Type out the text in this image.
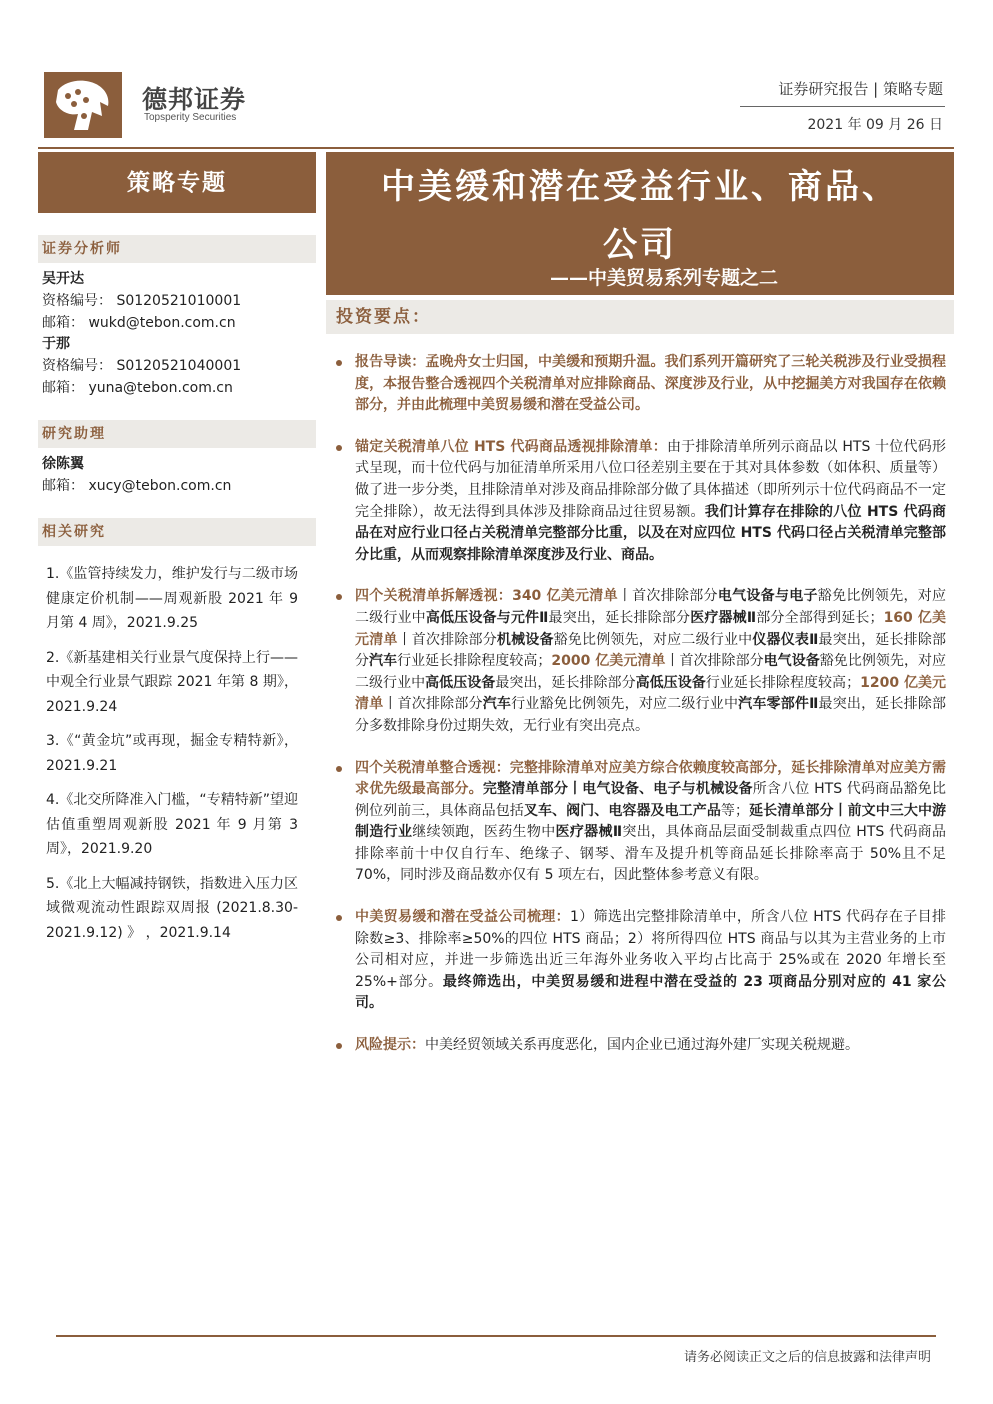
德邦证券
Topsperity Securities
证券研究报告 | 策略专题
2021 年 09 月 26 日
策略专题
证券分析师
吴开达
资格编号： S0120521010001
邮箱： wukd@tebon.com.cn
于那
资格编号： S0120521040001
邮箱： yuna@tebon.com.cn
研究助理
徐陈翼
邮箱： xucy@tebon.com.cn
相关研究

1.《监管持续发力，维护发行与二级市场健康定价机制——周观新股 2021 年 9 月第 4 周》，2021.9.25

2.《新基建相关行业景气度保持上行——中观全行业景气跟踪 2021 年第 8 期》，2021.9.24

3.《“黄金坑”或再现，掘金专精特新》，2021.9.21

4.《北交所降准入门槛，“专精特新”望迎估值重塑周观新股 2021 年 9 月第 3 周》，2021.9.20

5.《北上大幅减持钢铁，指数进入压力区域微观流动性跟踪双周报 (2021.8.30-2021.9.12) 》 ，2021.9.14

中美缓和潜在受益行业、商品、
公司
——中美贸易系列专题之二
投资要点：
报告导读：孟晚舟女士归国，中美缓和预期升温。我们系列开篇研究了三轮关税涉及行业受损程度，本报告整合透视四个关税清单对应排除商品、深度涉及行业，从中挖掘美方对我国存在依赖部分，并由此梳理中美贸易缓和潜在受益公司。
锚定关税清单八位 HTS 代码商品透视排除清单：由于排除清单所列示商品以 HTS 十位代码形式呈现，而十位代码与加征清单所采用八位口径差别主要在于其对具体参数（如体积、质量等）做了进一步分类，且排除清单对涉及商品排除部分做了具体描述（即所列示十位代码商品不一定完全排除），故无法得到具体涉及排除商品过往贸易额。我们计算存在排除的八位 HTS 代码商品在对应行业口径占关税清单完整部分比重，以及在对应四位 HTS 代码口径占关税清单完整部分比重，从而观察排除清单深度涉及行业、商品。
四个关税清单拆解透视：340 亿美元清单丨首次排除部分电气设备与电子豁免比例领先，对应二级行业中高低压设备与元件Ⅱ最突出，延长排除部分医疗器械Ⅱ部分全部得到延长；160 亿美元清单丨首次排除部分机械设备豁免比例领先，对应二级行业中仪器仪表Ⅱ最突出，延长排除部分汽车行业延长排除程度较高；2000 亿美元清单丨首次排除部分电气设备豁免比例领先，对应二级行业中高低压设备最突出，延长排除部分高低压设备行业延长排除程度较高；1200 亿美元清单丨首次排除部分汽车行业豁免比例领先，对应二级行业中汽车零部件Ⅱ最突出，延长排除部分多数排除身份过期失效，无行业有突出亮点。
四个关税清单整合透视：完整排除清单对应美方综合依赖度较高部分，延长排除清单对应美方需求优先级最高部分。完整清单部分丨电气设备、电子与机械设备所含八位 HTS 代码商品豁免比例位列前三，具体商品包括叉车、阀门、电容器及电工产品等；延长清单部分丨前文中三大中游制造行业继续领跑，医药生物中医疗器械Ⅱ突出，具体商品层面受制裁重点四位 HTS 代码商品排除率前十中仅自行车、绝缘子、钢琴、滑车及提升机等商品延长排除率高于 50%且不足 70%，同时涉及商品数亦仅有 5 项左右，因此整体参考意义有限。
中美贸易缓和潜在受益公司梳理：1）筛选出完整排除清单中，所含八位 HTS 代码存在子目排除数≥3、排除率≥50%的四位 HTS 商品；2）将所得四位 HTS 商品与以其为主营业务的上市公司相对应，并进一步筛选出近三年海外业务收入平均占比高于 25%或在 2020 年增长至 25%+部分。最终筛选出，中美贸易缓和进程中潜在受益的 23 项商品分别对应的 41 家公司。
风险提示：中美经贸领域关系再度恶化，国内企业已通过海外建厂实现关税规避。
请务必阅读正文之后的信息披露和法律声明
